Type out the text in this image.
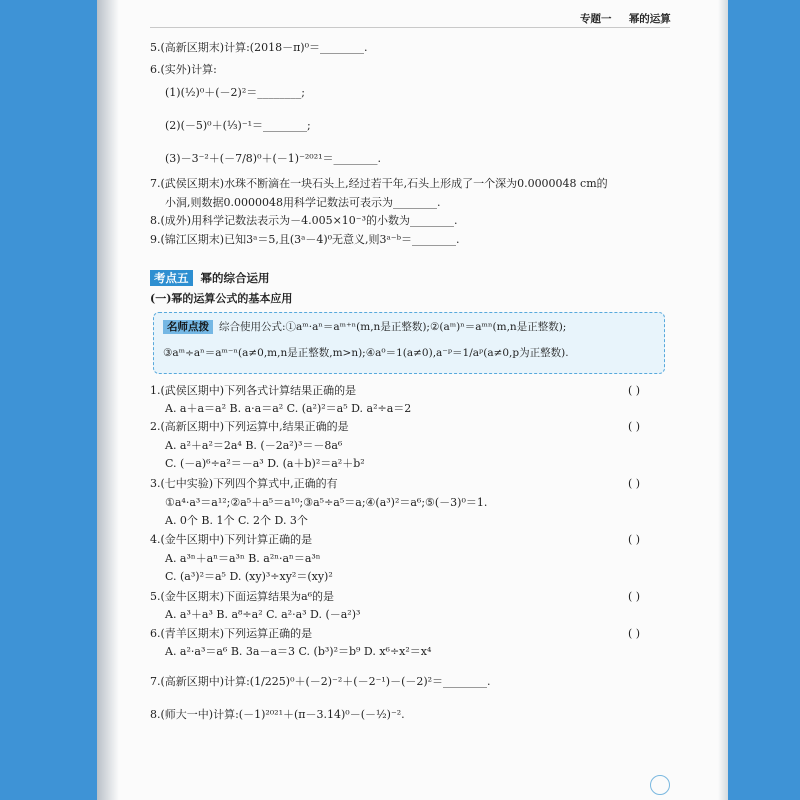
专题一 幂的运算
5.(高新区期末)计算:(2018－π)⁰＝________.
6.(实外)计算:
(1)(½)⁰＋(－2)²＝________;
(2)(－5)⁰＋(⅓)⁻¹＝________;
(3)－3⁻²＋(－7/8)⁰＋(－1)⁻²⁰²¹＝________.
7.(武侯区期末)水珠不断滴在一块石头上,经过若干年,石头上形成了一个深为0.0000048 cm的
小洞,则数据0.0000048用科学记数法可表示为________.
8.(成外)用科学记数法表示为－4.005×10⁻³的小数为________.
9.(锦江区期末)已知3ᵃ＝5,且(3ᵃ－4)⁰无意义,则3ᵃ⁻ᵇ＝________.
考点五 幂的综合运用
(一)幂的运算公式的基本应用
名师点拨 综合使用公式:①aᵐ·aⁿ＝aᵐ⁺ⁿ(m,n是正整数);②(aᵐ)ⁿ＝aᵐⁿ(m,n是正整数);
③aᵐ÷aⁿ＝aᵐ⁻ⁿ(a≠0,m,n是正整数,m>n);④a⁰＝1(a≠0),a⁻ᵖ＝1/aᵖ(a≠0,p为正整数).
1.(武侯区期中)下列各式计算结果正确的是	( )
A. a＋a＝a² B. a·a＝a² C. (a²)²＝a⁵ D. a²÷a＝2
2.(高新区期中)下列运算中,结果正确的是	( )
A. a²＋a²＝2a⁴ B. (－2a²)³＝－8a⁶
C. (－a)⁶÷a²＝－a³ D. (a＋b)²＝a²＋b²
3.(七中实验)下列四个算式中,正确的有	( )
①a⁴·a³＝a¹²;②a⁵＋a⁵＝a¹⁰;③a⁵÷a⁵＝a;④(a³)²＝a⁶;⑤(－3)⁰＝1.
A. 0个 B. 1个 C. 2个 D. 3个
4.(金牛区期中)下列计算正确的是	( )
A. a³ⁿ＋aⁿ＝a³ⁿ B. a²ⁿ·aⁿ＝a³ⁿ
C. (a³)²＝a⁵ D. (xy)³÷xy²＝(xy)²
5.(金牛区期末)下面运算结果为a⁶的是	( )
A. a³＋a³ B. a⁸÷a² C. a²·a³ D. (－a²)³
6.(青羊区期末)下列运算正确的是	( )
A. a²·a³＝a⁶ B. 3a－a＝3 C. (b³)²＝b⁹ D. x⁶÷x²＝x⁴
7.(高新区期中)计算:(1/225)⁰＋(－2)⁻²＋(－2⁻¹)－(－2)²＝________.
8.(师大一中)计算:(－1)²⁰²¹＋(π－3.14)⁰－(－½)⁻².
